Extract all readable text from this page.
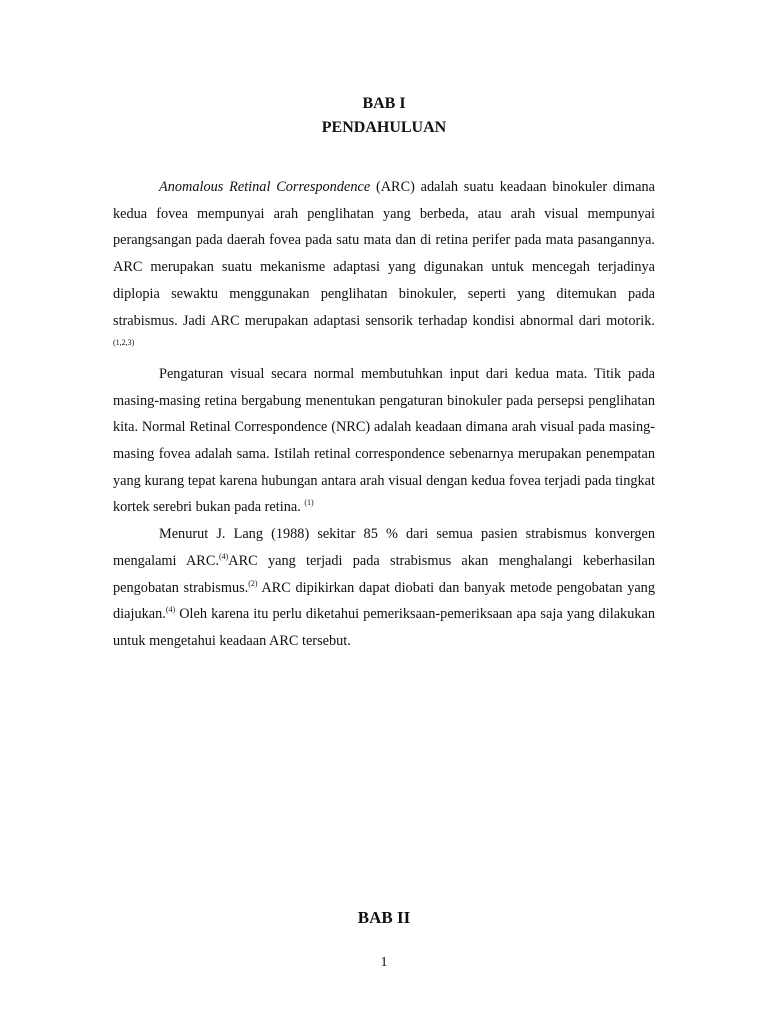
BAB I
PENDAHULUAN

Anomalous Retinal Correspondence (ARC) adalah suatu keadaan binokuler dimana kedua fovea mempunyai arah penglihatan yang berbeda, atau arah visual mempunyai perangsangan pada daerah fovea pada satu mata dan di retina perifer pada mata pasangannya. ARC merupakan suatu mekanisme adaptasi yang digunakan untuk mencegah terjadinya diplopia sewaktu menggunakan penglihatan binokuler, seperti yang ditemukan pada strabismus. Jadi ARC merupakan adaptasi sensorik terhadap kondisi abnormal dari motorik.$^{(1,2,3)}$

Pengaturan visual secara normal membutuhkan input dari kedua mata. Titik pada masing-masing retina bergabung menentukan pengaturan binokuler pada persepsi penglihatan kita. Normal Retinal Correspondence (NRC) adalah keadaan dimana arah visual pada masing-masing fovea adalah sama. Istilah retinal correspondence sebenarnya merupakan penempatan yang kurang tepat karena hubungan antara arah visual dengan kedua fovea terjadi pada tingkat kortek serebri bukan pada retina. $^{(1)}$

Menurut J. Lang (1988) sekitar 85 % dari semua pasien strabismus konvergen mengalami ARC.$^{(4)}$ARC yang terjadi pada strabismus akan menghalangi keberhasilan pengobatan strabismus.$^{(2)}$ ARC dipikirkan dapat diobati dan banyak metode pengobatan yang diajukan.$^{(4)}$ Oleh karena itu perlu diketahui pemeriksaan-pemeriksaan apa saja yang dilakukan untuk mengetahui keadaan ARC tersebut.

BAB II
1
